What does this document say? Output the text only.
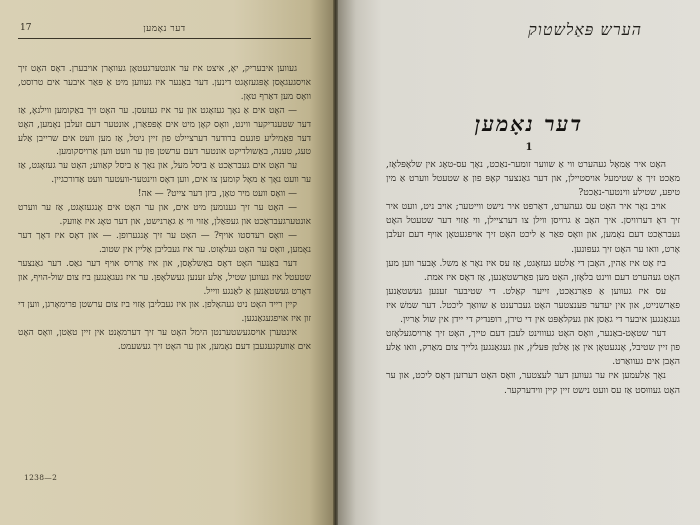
17	דער נאָמען

געווען איבעריק, יאָ, איצט איז ער אונטערגעטאָן געוואָרן אויבערן. דאָס האָט זיך אויסגעגאָסן אָפּגעזאָגט דינען. דער באַנער איז געווען מיט אַ פּאַר איבער אים טרוסט, וואָס מען דאַרף טאָן.

— האָט אים אַ נאָך געזאָגט און ער איז געזעסן. ער האָט זיך באַקומען ווילנאָ, אַז דער שטענדיקער ווינט, וואָס קאָן מיט אים אָפּפאַרן, אונטער דעם זעלבן נאָמען, האָט דער פאַמיליע פונעם ברודער דערציילט פון זיין ניטל, אַז מען וועט אים שרייבן אַלע טעג, טענה, באַשולדיקט אונטער דעם ערשטן פון ער וועט ווען אַרויסקומען.

ער האָט אים געבראַכט אַ ביסל מעל, און נאָך אַ ביסל קאַווע; האָט ער געזאָגט, אַז ער וועט נאָך אַ מאָל קומען צו אים, ווען דאָס ווינטער-וועטער וועט אַדורכגיין.

— וואָס וועט מיר טאָן, ביזן דער צייט? — אה!

— האָט ער זיך גענומען מיט אים, און ער האָט אים אָנגעזאָגט, אַז ער ווערט אונטערגעבראַכט און געפאַלן, אַזוי ווי אַ גאָרנישט, און דער טאָג איז אַוועק.

— וואָס רעדסטו אויף? — האָט ער זיך אָנגערופן. — און דאָס איז דאָך דער נאָמען, וואָס ער האָט געלאָזט. ער איז געבליבן אַליין אין שטוב.

דער באַנער האָט דאָס באַשלאָסן, און איז אַרויס אויף דער גאַס. דער גאַנצער שטעטל איז געווען שטיל, אַלע זענען געשלאָפן. ער איז געגאַנגען ביז צום שול-הויף, און דאָרט געשטאַנען אַ לאַנגע ווייל.

קיין רייד האָט ניט געהאָלפן. און איז געבליבן אַזוי ביז צום ערשטן פרימאָרגן, ווען די זון איז אויפגעגאַנגען.

אינטערן אויסגעשטערנטן הימל האָט ער זיך דערמאָנט אין זיין טאַטן, וואָס האָט אים אַוועקגעגעבן דעם נאָמען, און ער האָט זיך געשעמט.

1238—2
הערש פּאַלשטוק
דער נאָמען
1

האָט איר אַמאָל געהערט ווי אַ שווער זומער-נאַכט, נאָך עס-טאָג אין שלאָפּלאָז, מאַכט זיך אַ שטימעל אויסטיילן, און דער גאַנצער קאָפּ פון אַ שטעטל ווערט אַ מין טיפע, שטילע ווינטער-נאַכט?

אויב נאָר איר האָט עס געהערט, דאַרפט איר נישט ווייטער; אויב ניט, וועט איר זיך דאָ דערוויסן. איך האָב אַ גרויסן ווילן צו דערציילן, ווי אַזוי דער שטעטל האָט געבראַכט דעם נאָמען, און וואָס פאַר אַ ליכט האָט זיך אויפגעטאָן אויף דעם זעלבן אָרט, וואו ער האָט זיך געפונען.

ביז אָט איז אַהין, האָבן די אַלטע געזאָגט, אַז עס איז נאָר אַ משל. אָבער ווען מען האָט געהערט דעם ווינט בלאָזן, האָט מען פאַרשטאַנען, אַז דאָס איז אמת.

עס איז געווען אַ פאַרנאַכט, זייער קאַלט. די שטיבער זענען געשטאַנען פאַרשנייט, און אין יעדער פענצטער האָט געברענט אַ שוואַך ליכטל. דער שמשׁ איז געגאַנגען איבער די גאַסן און געקלאַפּט אין די טירן, רופנדיק די יידן אין שול אַרײַן.

דער שטאָט-באַנער, וואָס האָט געוווינט לעבן דעם טייך, האָט זיך אַרויסגעלאָזט פון זיין שטיבל, אָנגעטאָן אין אַן אַלטן פּעלץ, און געגאַנגען גלייך צום מאַרק, וואו אַלע האָבן אים געוואַרט.

נאָך אַלעמען איז ער געווען דער לעצטער, וואָס האָט דערזען דאָס ליכט, און ער האָט געוווּסט אַז עס וועט נישט זיין קיין ווידערקער.
